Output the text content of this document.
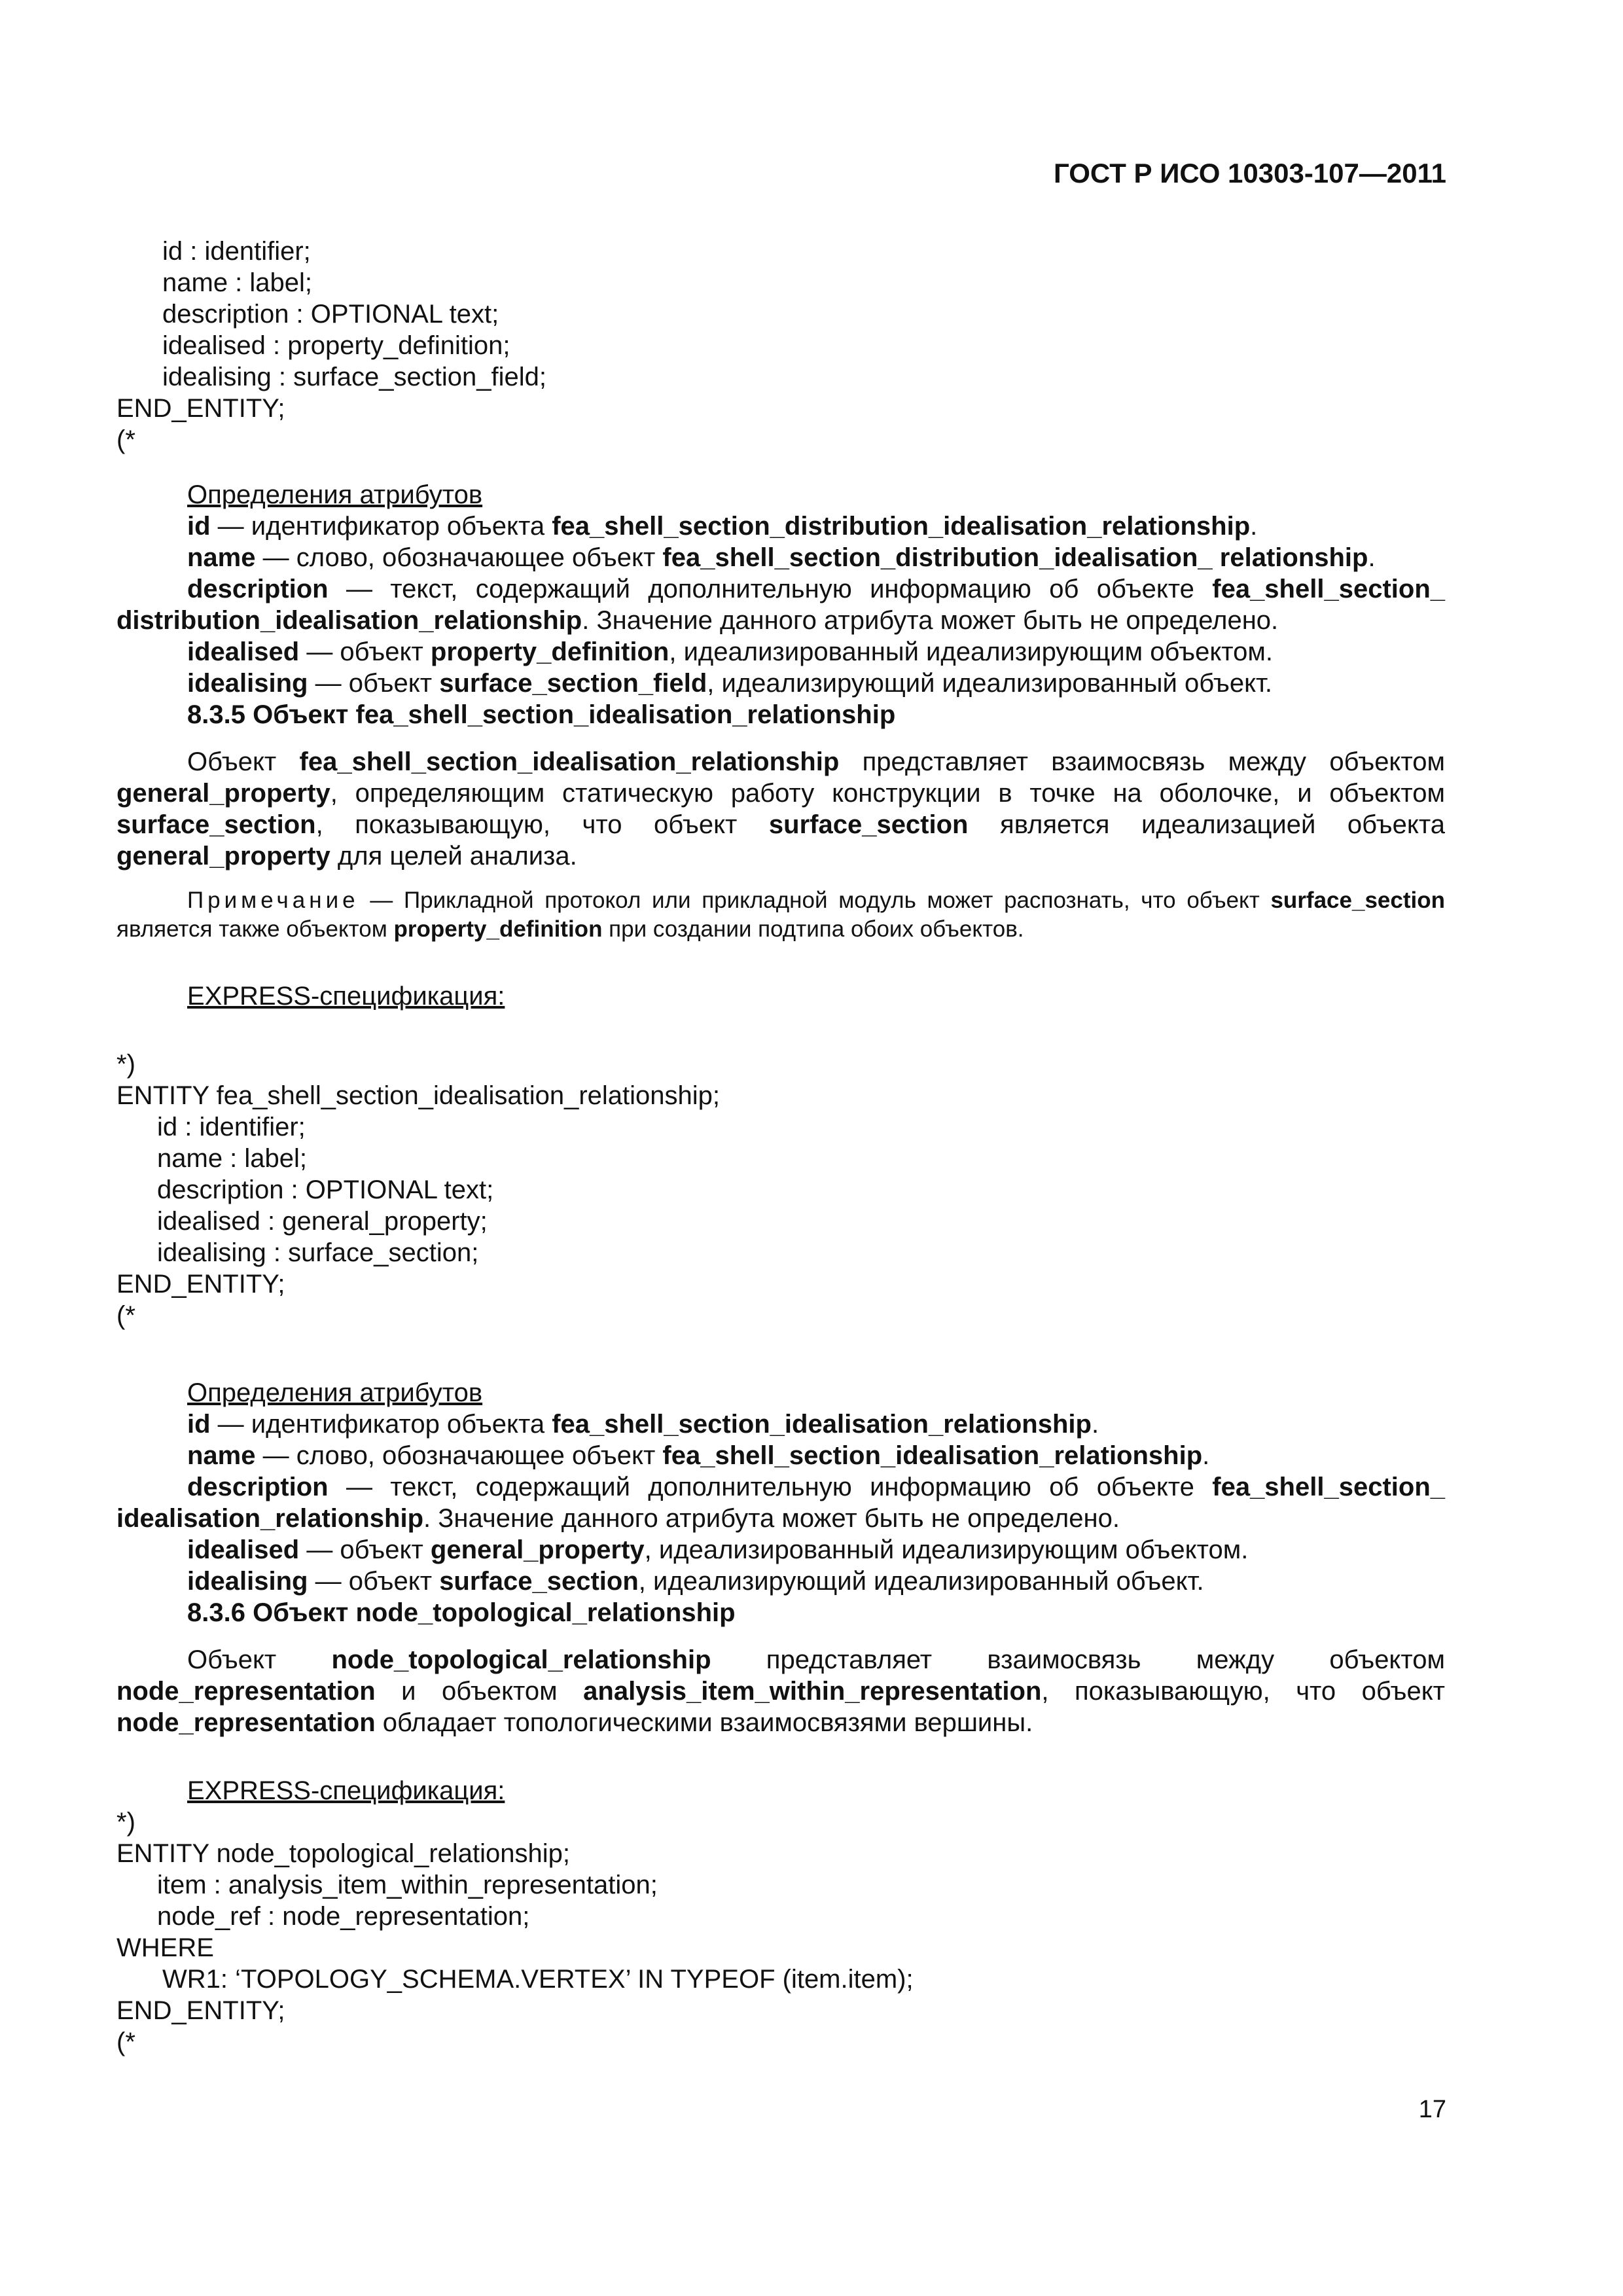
ГОСТ Р ИСО 10303-107—2011
id : identifier;
name : label;
description : OPTIONAL text;
idealised : property_definition;
idealising : surface_section_field;
END_ENTITY;
(*
Определения атрибутов
id — идентификатор объекта fea_shell_section_distribution_idealisation_relationship.
name — слово, обозначающее объект fea_shell_section_distribution_idealisation_ relationship.
description — текст, содержащий дополнительную информацию об объекте fea_shell_section_ distribution_idealisation_relationship. Значение данного атрибута может быть не определено.
idealised — объект property_definition, идеализированный идеализирующим объектом.
idealising — объект surface_section_field, идеализирующий идеализированный объект.
8.3.5 Объект fea_shell_section_idealisation_relationship
Объект fea_shell_section_idealisation_relationship представляет взаимосвязь между объектом general_property, определяющим статическую работу конструкции в точке на оболочке, и объектом surface_section, показывающую, что объект surface_section является идеализацией объекта general_property для целей анализа.
Примечание — Прикладной протокол или прикладной модуль может распознать, что объект surface_section является также объектом property_definition при создании подтипа обоих объектов.
EXPRESS-спецификация:
*)
ENTITY fea_shell_section_idealisation_relationship;
id : identifier;
name : label;
description : OPTIONAL text;
idealised : general_property;
idealising : surface_section;
END_ENTITY;
(*
Определения атрибутов
id — идентификатор объекта fea_shell_section_idealisation_relationship.
name — слово, обозначающее объект fea_shell_section_idealisation_relationship.
description — текст, содержащий дополнительную информацию об объекте fea_shell_section_ idealisation_relationship. Значение данного атрибута может быть не определено.
idealised — объект general_property, идеализированный идеализирующим объектом.
idealising — объект surface_section, идеализирующий идеализированный объект.
8.3.6 Объект node_topological_relationship
Объект node_topological_relationship представляет взаимосвязь между объектом node_representation и объектом analysis_item_within_representation, показывающую, что объект node_representation обладает топологическими взаимосвязями вершины.
EXPRESS-спецификация:
*)
ENTITY node_topological_relationship;
item : analysis_item_within_representation;
node_ref : node_representation;
WHERE
WR1: ‘TOPOLOGY_SCHEMA.VERTEX’ IN TYPEOF (item.item);
END_ENTITY;
(*
17
